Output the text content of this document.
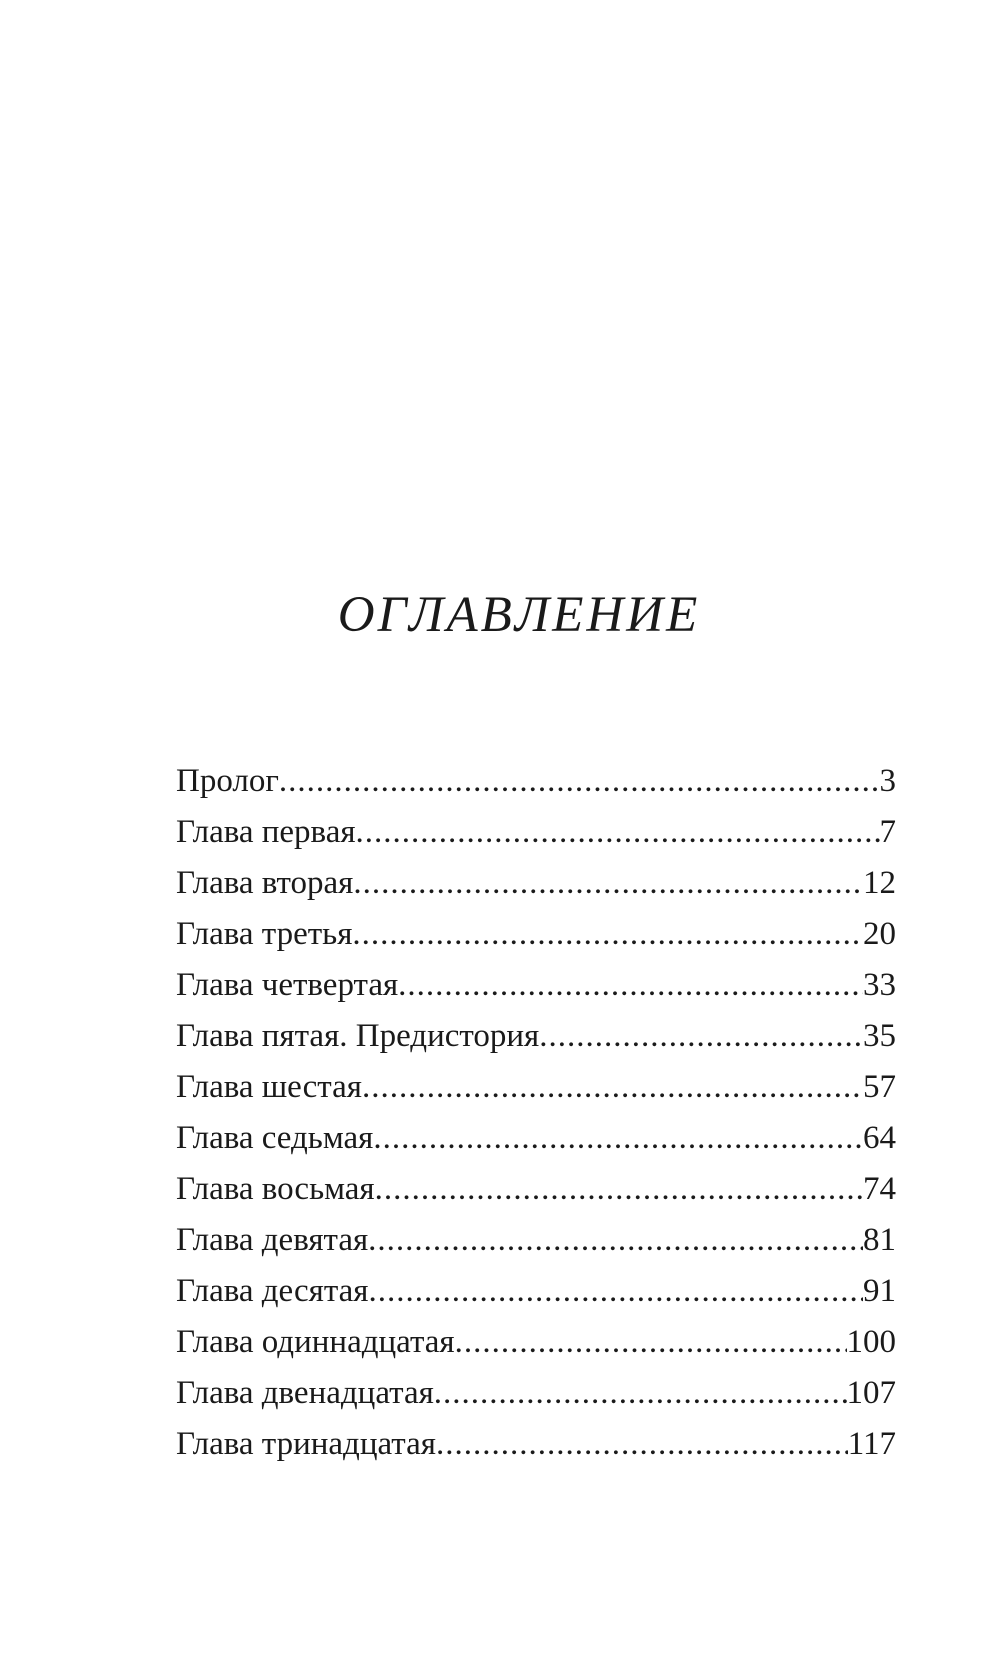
ОГЛАВЛЕНИЕ
Пролог .....	3
Глава первая .....	7
Глава вторая .....	12
Глава третья .....	20
Глава четвертая .....	33
Глава пятая. Предистория .....	35
Глава шестая .....	57
Глава седьмая .....	64
Глава восьмая .....	74
Глава девятая .....	81
Глава десятая .....	91
Глава одиннадцатая .....	100
Глава двенадцатая .....	107
Глава тринадцатая .....	117
